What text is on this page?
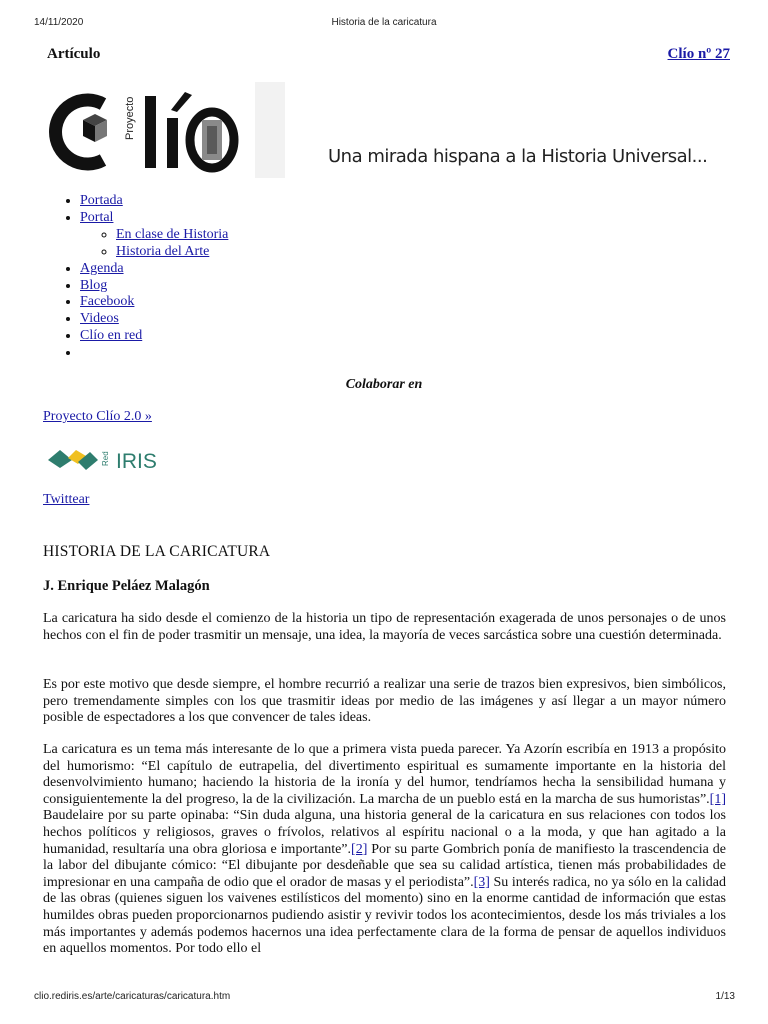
14/11/2020	Historia de la caricatura
Artículo	Clío nº 27
Proyecto
Una mirada hispana a la Historia Universal...
• Portada
• Portal
◦ En clase de Historia
◦ Historia del Arte
• Agenda
• Blog
• Facebook
• Videos
• Clío en red
•
Colaborar en
Proyecto Clío 2.0 »
Red IRIS
Twittear
HISTORIA DE LA CARICATURA
J. Enrique Peláez Malagón
La caricatura ha sido desde el comienzo de la historia un tipo de representación exagerada de unos personajes o de unos hechos con el fin de poder trasmitir un mensaje, una idea, la mayoría de veces sarcástica sobre una cuestión determinada.
Es por este motivo que desde siempre, el hombre recurrió a realizar una serie de trazos bien expresivos, bien simbólicos, pero tremendamente simples con los que trasmitir ideas por medio de las imágenes y así llegar a un mayor número posible de espectadores a los que convencer de tales ideas.
La caricatura es un tema más interesante de lo que a primera vista pueda parecer. Ya Azorín escribía en 1913 a propósito del humorismo: “El capítulo de eutrapelia, del divertimento espiritual es sumamente importante en la historia del desenvolvimiento humano; haciendo la historia de la ironía y del humor, tendríamos hecha la sensibilidad humana y consiguientemente la del progreso, la de la civilización. La marcha de un pueblo está en la marcha de sus humoristas”.[1] Baudelaire por su parte opinaba: “Sin duda alguna, una historia general de la caricatura en sus relaciones con todos los hechos políticos y religiosos, graves o frívolos, relativos al espíritu nacional o a la moda, y que han agitado a la humanidad, resultaría una obra gloriosa e importante”.[2] Por su parte Gombrich ponía de manifiesto la trascendencia de la labor del dibujante cómico: “El dibujante por desdeñable que sea su calidad artística, tienen más probabilidades de impresionar en una campaña de odio que el orador de masas y el periodista”.[3] Su interés radica, no ya sólo en la calidad de las obras (quienes siguen los vaivenes estilísticos del momento) sino en la enorme cantidad de información que estas humildes obras pueden proporcionarnos pudiendo asistir y revivir todos los acontecimientos, desde los más triviales a los más importantes y además podemos hacernos una idea perfectamente clara de la forma de pensar de aquellos individuos en aquellos momentos. Por todo ello el
clio.rediris.es/arte/caricaturas/caricatura.htm	1/13
